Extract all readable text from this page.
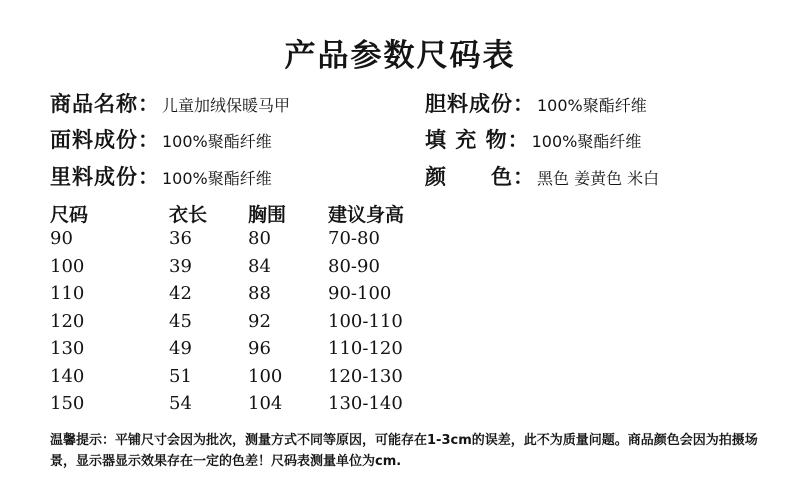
产品参数尺码表
商品名称： 儿童加绒保暖马甲	胆料成份： 100%聚酯纤维
面料成份： 100%聚酯纤维	填 充 物： 100%聚酯纤维
里料成份： 100%聚酯纤维	颜　　色： 黑色 姜黄色 米白
尺码	衣长 胸围 建议身高
90	36	80	70-80
100	39	84	80-90
110	42	88	90-100
120	45	92	100-110
130	49	96	110-120
140	51	100	120-130
150	54	104	130-140
温馨提示：平铺尺寸会因为批次，测量方式不同等原因，可能存在1-3cm的误差，此不为质量问题。商品颜色会因为拍摄场景，显示器显示效果存在一定的色差！尺码表测量单位为cm.
